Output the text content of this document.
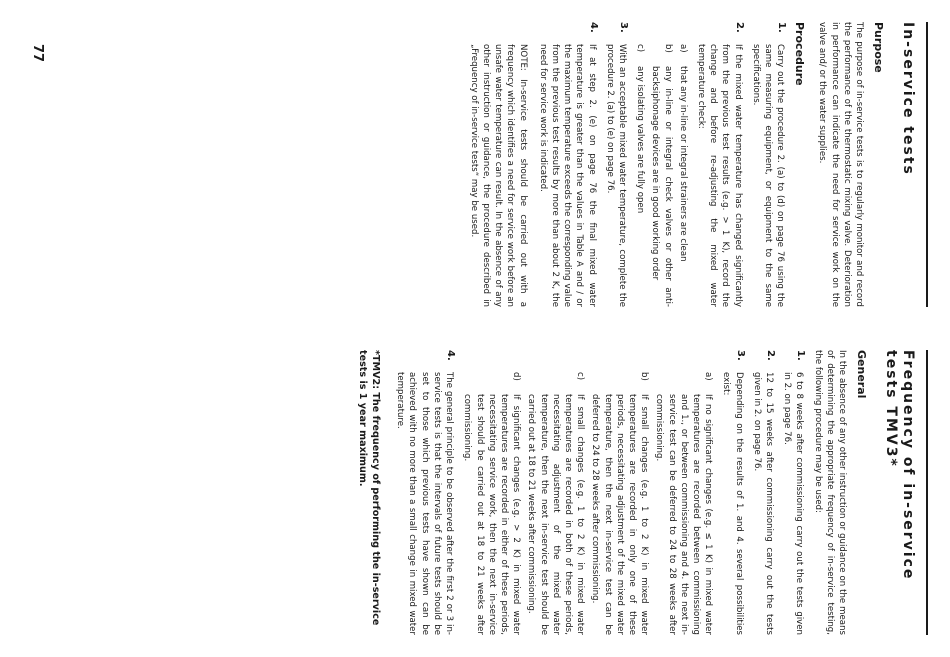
In-service tests
Purpose

The purpose of in-service tests is to regularly monitor and record the performance of the thermostatic mixing valve. Deterioration in performance can indicate the need for service work on the valve and/ or the water supplies.

Procedure
1.
Carry out the procedure 2. (a) to (d) on page 76 using the same measuring equipment, or equipment to the same specifications.
2.
If the mixed water temperature has changed significantly from the previous test results (e.g. > 1 K), record the change and before re-adjusting the mixed water temperature check:
a)
that any in-line or integral strainers are clean
b)
any in-line or integral check valves or other anti-backsiphonage devices are in good working order
c)
any isolating valves are fully open
3.
With an acceptable mixed water temperature, complete the procedure 2. (a) to (e) on page 76.
4.
If at step 2. (e) on page 76 the final mixed water temperature is greater than the values in Table A and / or the maximum temperature exceeds the corresponding value from the previous test results by more than about 2 K, the need for service work is indicated.
NOTE: In-service tests should be carried out with a frequency which identifies a need for service work before an unsafe water temperature can result. In the absence of any other instruction or guidance, the procedure described in „Frequency of in-service tests“ may be used.
77
Frequency of in-service tests TMV3*
General

In the absence of any other instruction or guidance on the means of determining the appropriate frequency of in-service testing, the following procedure may be used:

1.
6 to 8 weeks after commissioning carry out the tests given in 2. on page 76.
2.
12 to 15 weeks after commissioning carry out the tests given in 2. on page 76.
3.
Depending on the results of 1. and 4. several possibilities exist:
a)
If no significant changes (e.g. ≤ 1 K) in mixed water temperatures are recorded between commissioning and 1., or between commissioning and 4. the next in-service test can be deferred to 24 to 28 weeks after commissioning.
b)
If small changes (e.g. 1 to 2 K) in mixed water temperatures are recorded in only one of these periods, necessitating adjustment of the mixed water temperature, then the next in-service test can be deferred to 24 to 28 weeks after commissioning.
c)
If small changes (e.g. 1 to 2 K) in mixed water temperatures are recorded in both of these periods, necessitating adjustment of the mixed water temperature, then the next in-service test should be carried out at 18 to 21 weeks after commissioning.
d)
If significant changes (e.g. > 2 K) in mixed water temperatures are recorded in either of these periods, necessitating service work, then the next in-service test should be carried out at 18 to 21 weeks after commissioning.
4.
The general principle to be observed after the first 2 or 3 in-service tests is that the intervals of future tests should be set to those which previous tests have shown can be achieved with no more than a small change in mixed water temperature.
*TMV2: The frequency of performing the in-service tests is 1 year maximum.
